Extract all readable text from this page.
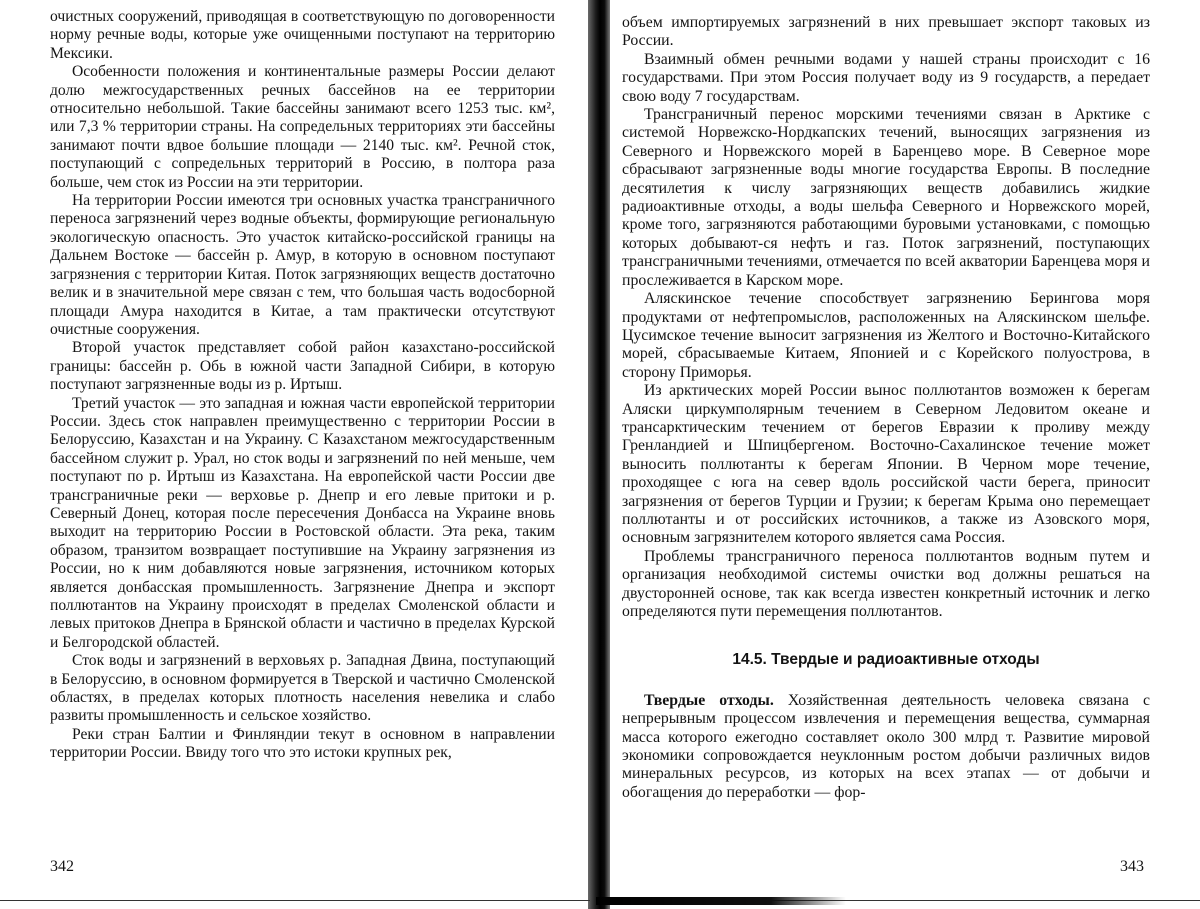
очистных сооружений, приводящая в соответствующую по договоренности норму речные воды, которые уже очищенными поступают на территорию Мексики.

Особенности положения и континентальные размеры России делают долю межгосударственных речных бассейнов на ее территории относительно небольшой. Такие бассейны занимают всего 1253 тыс. км², или 7,3 % территории страны. На сопредельных территориях эти бассейны занимают почти вдвое большие площади — 2140 тыс. км². Речной сток, поступающий с сопредельных территорий в Россию, в полтора раза больше, чем сток из России на эти территории.

На территории России имеются три основных участка трансграничного переноса загрязнений через водные объекты, формирующие региональную экологическую опасность. Это участок китайско-российской границы на Дальнем Востоке — бассейн р. Амур, в которую в основном поступают загрязнения с территории Китая. Поток загрязняющих веществ достаточно велик и в значительной мере связан с тем, что большая часть водосборной площади Амура находится в Китае, а там практически отсутствуют очистные сооружения.

Второй участок представляет собой район казахстано-российской границы: бассейн р. Обь в южной части Западной Сибири, в которую поступают загрязненные воды из р. Иртыш.

Третий участок — это западная и южная части европейской территории России. Здесь сток направлен преимущественно с территории России в Белоруссию, Казахстан и на Украину. С Казахстаном межгосударственным бассейном служит р. Урал, но сток воды и загрязнений по ней меньше, чем поступают по р. Иртыш из Казахстана. На европейской части России две трансграничные реки — верховье р. Днепр и его левые притоки и р. Северный Донец, которая после пересечения Донбасса на Украине вновь выходит на территорию России в Ростовской области. Эта река, таким образом, транзитом возвращает поступившие на Украину загрязнения из России, но к ним добавляются новые загрязнения, источником которых является донбасская промышленность. Загрязнение Днепра и экспорт поллютантов на Украину происходят в пределах Смоленской области и левых притоков Днепра в Брянской области и частично в пределах Курской и Белгородской областей.

Сток воды и загрязнений в верховьях р. Западная Двина, поступающий в Белоруссию, в основном формируется в Тверской и частично Смоленской областях, в пределах которых плотность населения невелика и слабо развиты промышленность и сельское хозяйство.

Реки стран Балтии и Финляндии текут в основном в направлении территории России. Ввиду того что это истоки крупных рек,

342

объем импортируемых загрязнений в них превышает экспорт таковых из России.

Взаимный обмен речными водами у нашей страны происходит с 16 государствами. При этом Россия получает воду из 9 государств, а передает свою воду 7 государствам.

Трансграничный перенос морскими течениями связан в Арктике с системой Норвежско-Нордкапских течений, выносящих загрязнения из Северного и Норвежского морей в Баренцево море. В Северное море сбрасывают загрязненные воды многие государства Европы. В последние десятилетия к числу загрязняющих веществ добавились жидкие радиоактивные отходы, а воды шельфа Северного и Норвежского морей, кроме того, загрязняются работающими буровыми установками, с помощью которых добывают-ся нефть и газ. Поток загрязнений, поступающих трансграничными течениями, отмечается по всей акватории Баренцева моря и прослеживается в Карском море.

Аляскинское течение способствует загрязнению Берингова моря продуктами от нефтепромыслов, расположенных на Аляскинском шельфе. Цусимское течение выносит загрязнения из Желтого и Восточно-Китайского морей, сбрасываемые Китаем, Японией и с Корейского полуострова, в сторону Приморья.

Из арктических морей России вынос поллютантов возможен к берегам Аляски циркумполярным течением в Северном Ледовитом океане и трансарктическим течением от берегов Евразии к проливу между Гренландией и Шпицбергеном. Восточно-Сахалинское течение может выносить поллютанты к берегам Японии. В Черном море течение, проходящее с юга на север вдоль российской части берега, приносит загрязнения от берегов Турции и Грузии; к берегам Крыма оно перемещает поллютанты и от российских источников, а также из Азовского моря, основным загрязнителем которого является сама Россия.

Проблемы трансграничного переноса поллютантов водным путем и организация необходимой системы очистки вод должны решаться на двусторонней основе, так как всегда известен конкретный источник и легко определяются пути перемещения поллютантов.

14.5. Твердые и радиоактивные отходы

Твердые отходы. Хозяйственная деятельность человека связана с непрерывным процессом извлечения и перемещения вещества, суммарная масса которого ежегодно составляет около 300 млрд т. Развитие мировой экономики сопровождается неуклонным ростом добычи различных видов минеральных ресурсов, из которых на всех этапах — от добычи и обогащения до переработки — фор-

343
